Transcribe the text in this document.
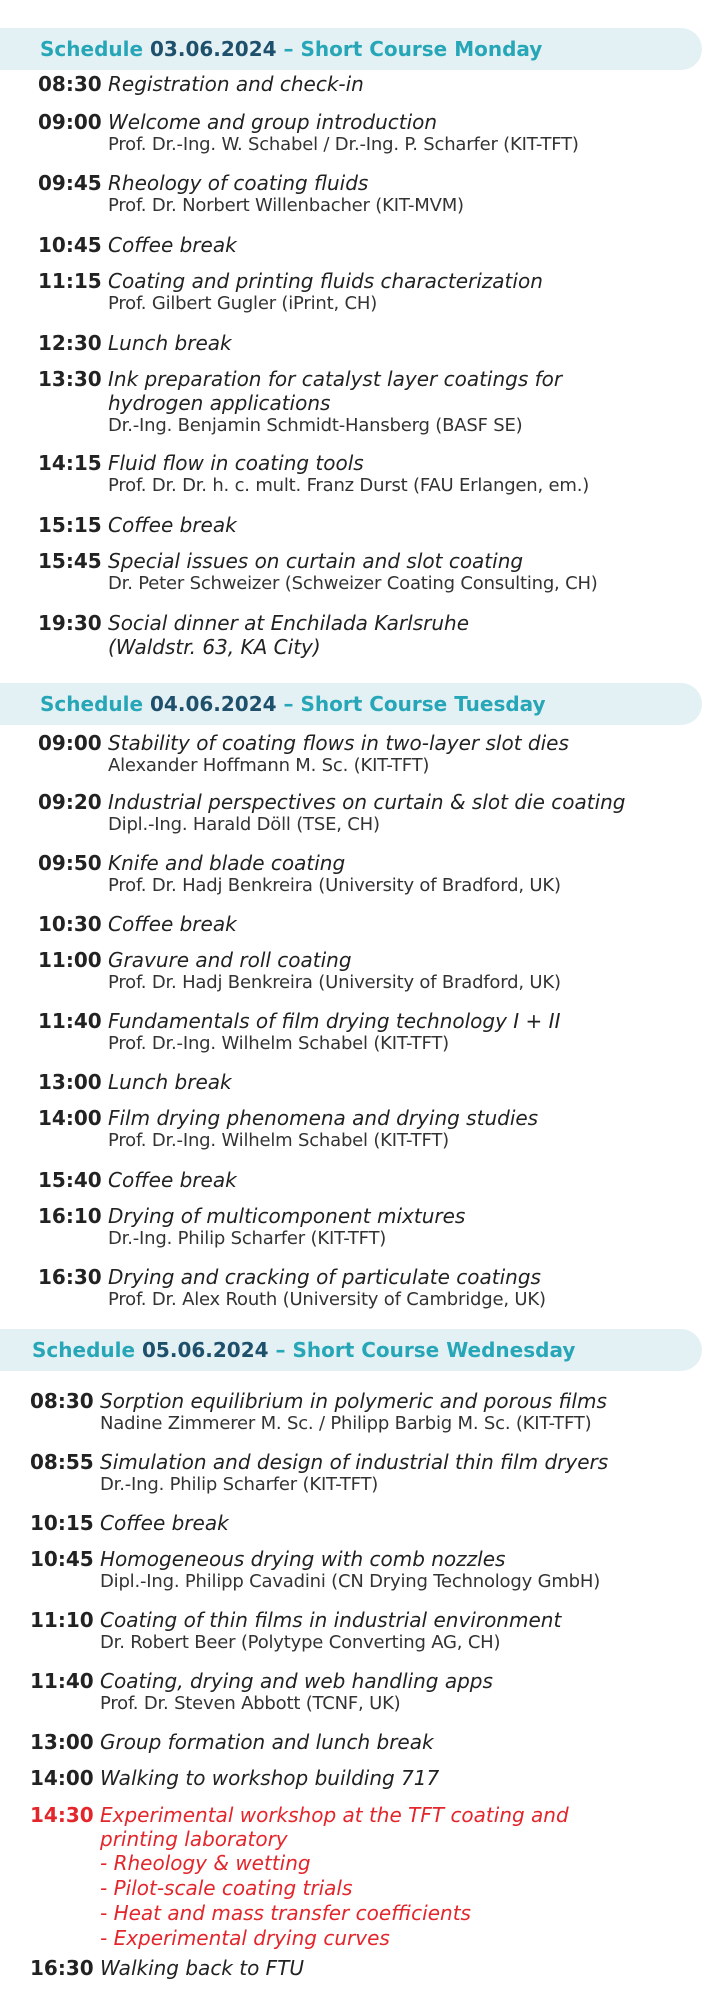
Schedule 03.06.2024 – Short Course Monday
08:30 Registration and check-in
09:00 Welcome and group introduction
Prof. Dr.-Ing. W. Schabel / Dr.-Ing. P. Scharfer (KIT-TFT)
09:45 Rheology of coating fluids
Prof. Dr. Norbert Willenbacher (KIT-MVM)
10:45 Coffee break
11:15 Coating and printing fluids characterization
Prof. Gilbert Gugler (iPrint, CH)
12:30 Lunch break
13:30 Ink preparation for catalyst layer coatings for
hydrogen applications
Dr.-Ing. Benjamin Schmidt-Hansberg (BASF SE)
14:15 Fluid flow in coating tools
Prof. Dr. Dr. h. c. mult. Franz Durst (FAU Erlangen, em.)
15:15 Coffee break
15:45 Special issues on curtain and slot coating
Dr. Peter Schweizer (Schweizer Coating Consulting, CH)
19:30 Social dinner at Enchilada Karlsruhe
(Waldstr. 63, KA City)
Schedule 04.06.2024 – Short Course Tuesday
09:00 Stability of coating flows in two-layer slot dies
Alexander Hoffmann M. Sc. (KIT-TFT)
09:20 Industrial perspectives on curtain & slot die coating
Dipl.-Ing. Harald Döll (TSE, CH)
09:50 Knife and blade coating
Prof. Dr. Hadj Benkreira (University of Bradford, UK)
10:30 Coffee break
11:00 Gravure and roll coating
Prof. Dr. Hadj Benkreira (University of Bradford, UK)
11:40 Fundamentals of film drying technology I + II
Prof. Dr.-Ing. Wilhelm Schabel (KIT-TFT)
13:00 Lunch break
14:00 Film drying phenomena and drying studies
Prof. Dr.-Ing. Wilhelm Schabel (KIT-TFT)
15:40 Coffee break
16:10 Drying of multicomponent mixtures
Dr.-Ing. Philip Scharfer (KIT-TFT)
16:30 Drying and cracking of particulate coatings
Prof. Dr. Alex Routh (University of Cambridge, UK)
Schedule 05.06.2024 – Short Course Wednesday
08:30 Sorption equilibrium in polymeric and porous films
Nadine Zimmerer M. Sc. / Philipp Barbig M. Sc. (KIT-TFT)
08:55 Simulation and design of industrial thin film dryers
Dr.-Ing. Philip Scharfer (KIT-TFT)
10:15 Coffee break
10:45 Homogeneous drying with comb nozzles
Dipl.-Ing. Philipp Cavadini (CN Drying Technology GmbH)
11:10 Coating of thin films in industrial environment
Dr. Robert Beer (Polytype Converting AG, CH)
11:40 Coating, drying and web handling apps
Prof. Dr. Steven Abbott (TCNF, UK)
13:00 Group formation and lunch break
14:00 Walking to workshop building 717
14:30 Experimental workshop at the TFT coating and
printing laboratory
- Rheology & wetting
- Pilot-scale coating trials
- Heat and mass transfer coefficients
- Experimental drying curves
16:30 Walking back to FTU
